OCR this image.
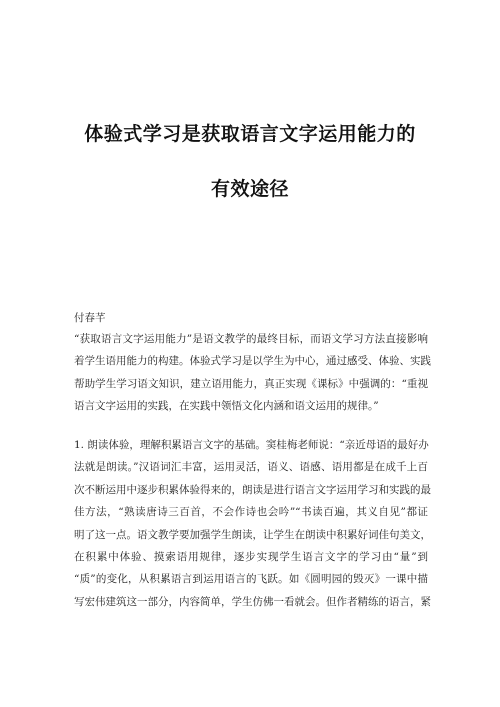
体验式学习是获取语言文字运用能力的
有效途径
付春芊
“获取语言文字运用能力”是语文教学的最终目标，而语文学习方法直接影响
着学生语用能力的构建。体验式学习是以学生为中心，通过感受、体验、实践
帮助学生学习语文知识，建立语用能力，真正实现《课标》中强调的：“重视
语言文字运用的实践，在实践中领悟文化内涵和语文运用的规律。”
1. 朗读体验，理解积累语言文字的基础。窦桂梅老师说：“亲近母语的最好办
法就是朗读。”汉语词汇丰富，运用灵活，语义、语感、语用都是在成千上百
次不断运用中逐步积累体验得来的，朗读是进行语言文字运用学习和实践的最
佳方法，“熟读唐诗三百首，不会作诗也会吟”“书读百遍，其义自见”都证
明了这一点。语文教学要加强学生朗读，让学生在朗读中积累好词佳句美文，
在积累中体验、摸索语用规律，逐步实现学生语言文字的学习由“量”到
“质”的变化，从积累语言到运用语言的飞跃。如《圆明园的毁灭》一课中描
写宏伟建筑这一部分，内容简单，学生仿佛一看就会。但作者精练的语言，紧
